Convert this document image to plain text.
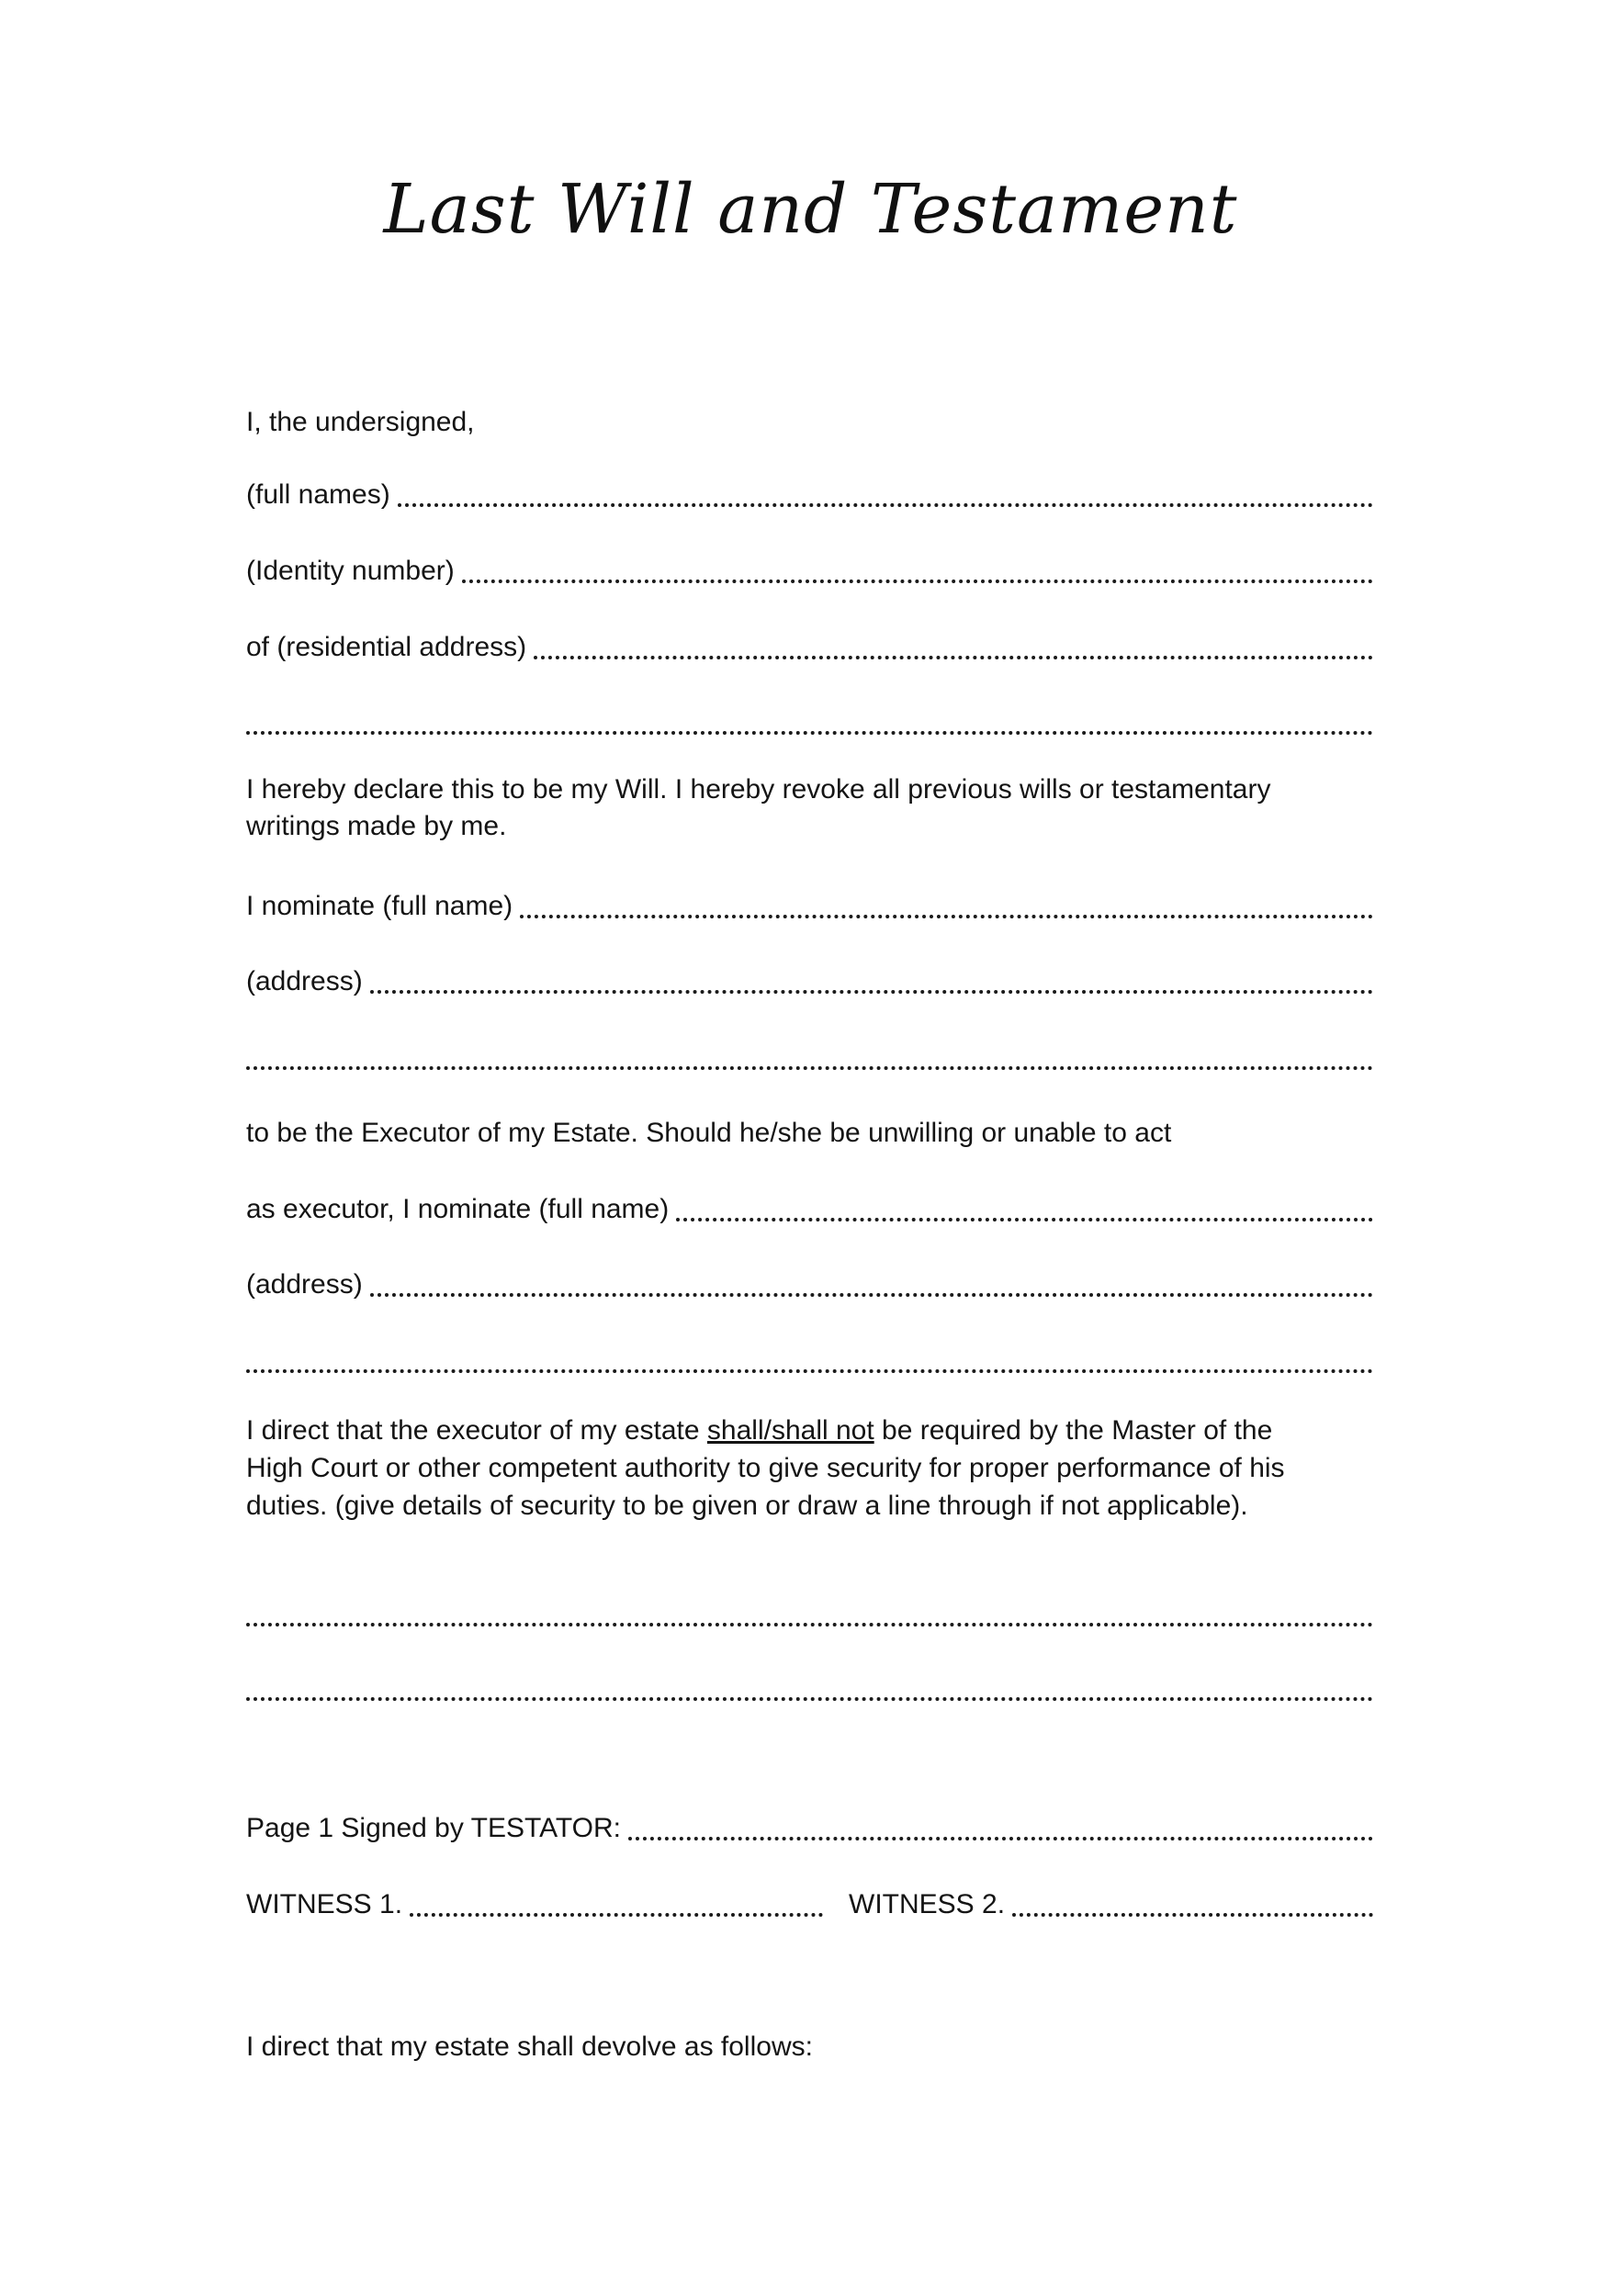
Last Will and Testament

I, the undersigned,

(full names)
(Identity number)
of (residential address)

I hereby declare this to be my Will. I hereby revoke all previous wills or testamentary writings made by me.

I nominate (full name)
(address)

to be the Executor of my Estate. Should he/she be unwilling or unable to act

as executor, I nominate (full name)
(address)

I direct that the executor of my estate shall/shall not be required by the Master of the High Court or other competent authority to give security for proper performance of his duties. (give details of security to be given or draw a line through if not applicable).

Page 1 Signed by TESTATOR:
WITNESS 1.	WITNESS 2.

I direct that my estate shall devolve as follows:
